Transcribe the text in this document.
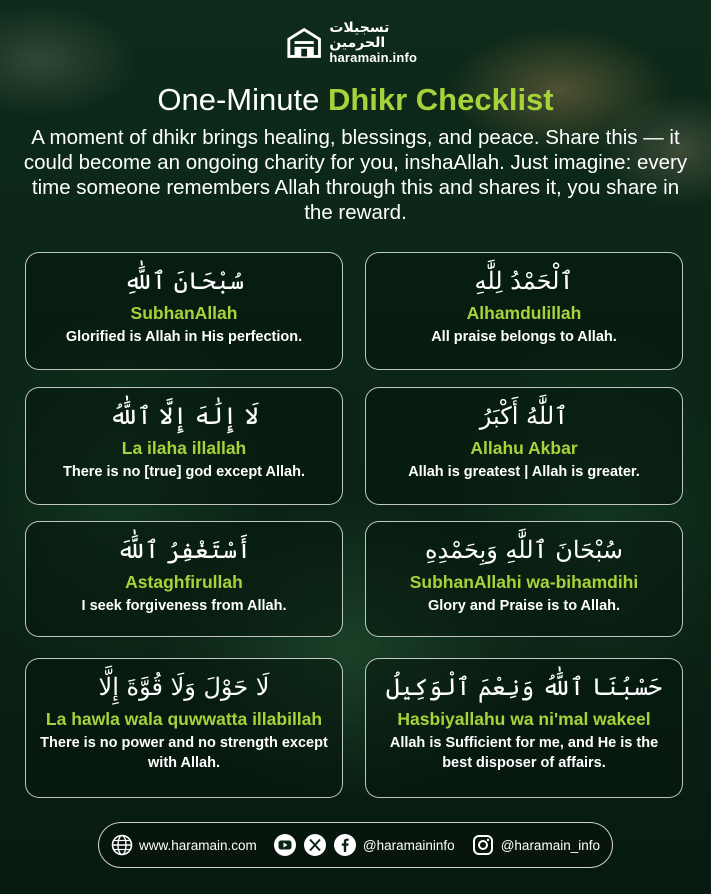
تسجيلات الحرمين
haramain.info
One-Minute Dhikr Checklist
A moment of dhikr brings healing, blessings, and peace. Share this — it could become an ongoing charity for you, inshaAllah. Just imagine: every time someone remembers Allah through this and shares it, you share in the reward.
سُبْحَانَ ٱللَّٰهِ
SubhanAllah
Glorified is Allah in His perfection.
ٱلْحَمْدُ لِلَّٰهِ
Alhamdulillah
All praise belongs to Allah.
لَا إِلَٰهَ إِلَّا ٱللَّٰهُ
La ilaha illallah
There is no [true] god except Allah.
ٱللَّٰهُ أَكْبَرُ
Allahu Akbar
Allah is greatest | Allah is greater.
أَسْتَغْفِرُ ٱللَّٰهَ
Astaghfirullah
I seek forgiveness from Allah.
سُبْحَانَ ٱللَّٰهِ وَبِحَمْدِهِ
SubhanAllahi wa-bihamdihi
Glory and Praise is to Allah.
لَا حَوْلَ وَلَا قُوَّةَ إِلَّا
La hawla wala quwwatta illabillah
There is no power and no strength except with Allah.
حَسْبُنَا ٱللَّٰهُ وَنِعْمَ ٱلْوَكِيلُ
Hasbiyallahu wa ni'mal wakeel
Allah is Sufficient for me, and He is the best disposer of affairs.
www.haramain.com	@haramaininfo	@haramain_info
